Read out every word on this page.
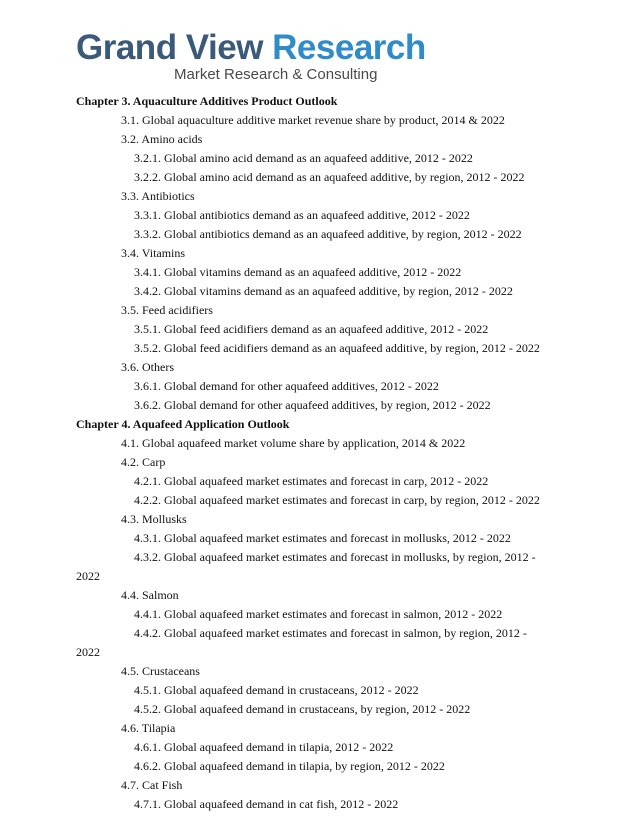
Grand View Research
Market Research & Consulting
Chapter 3. Aquaculture Additives Product Outlook
3.1. Global aquaculture additive market revenue share by product, 2014 & 2022
3.2. Amino acids
3.2.1. Global amino acid demand as an aquafeed additive, 2012 - 2022
3.2.2. Global amino acid demand as an aquafeed additive, by region, 2012 - 2022
3.3. Antibiotics
3.3.1. Global antibiotics demand as an aquafeed additive, 2012 - 2022
3.3.2. Global antibiotics demand as an aquafeed additive, by region, 2012 - 2022
3.4. Vitamins
3.4.1. Global vitamins demand as an aquafeed additive, 2012 - 2022
3.4.2. Global vitamins demand as an aquafeed additive, by region, 2012 - 2022
3.5. Feed acidifiers
3.5.1. Global feed acidifiers demand as an aquafeed additive, 2012 - 2022
3.5.2. Global feed acidifiers demand as an aquafeed additive, by region, 2012 - 2022
3.6. Others
3.6.1. Global demand for other aquafeed additives, 2012 - 2022
3.6.2. Global demand for other aquafeed additives, by region, 2012 - 2022
Chapter 4. Aquafeed Application Outlook
4.1. Global aquafeed market volume share by application, 2014 & 2022
4.2. Carp
4.2.1. Global aquafeed market estimates and forecast in carp, 2012 - 2022
4.2.2. Global aquafeed market estimates and forecast in carp, by region, 2012 - 2022
4.3. Mollusks
4.3.1. Global aquafeed market estimates and forecast in mollusks, 2012 - 2022
4.3.2. Global aquafeed market estimates and forecast in mollusks, by region, 2012 -
2022
4.4. Salmon
4.4.1. Global aquafeed market estimates and forecast in salmon, 2012 - 2022
4.4.2. Global aquafeed market estimates and forecast in salmon, by region, 2012 -
2022
4.5. Crustaceans
4.5.1. Global aquafeed demand in crustaceans, 2012 - 2022
4.5.2. Global aquafeed demand in crustaceans, by region, 2012 - 2022
4.6. Tilapia
4.6.1. Global aquafeed demand in tilapia, 2012 - 2022
4.6.2. Global aquafeed demand in tilapia, by region, 2012 - 2022
4.7. Cat Fish
4.7.1. Global aquafeed demand in cat fish, 2012 - 2022
